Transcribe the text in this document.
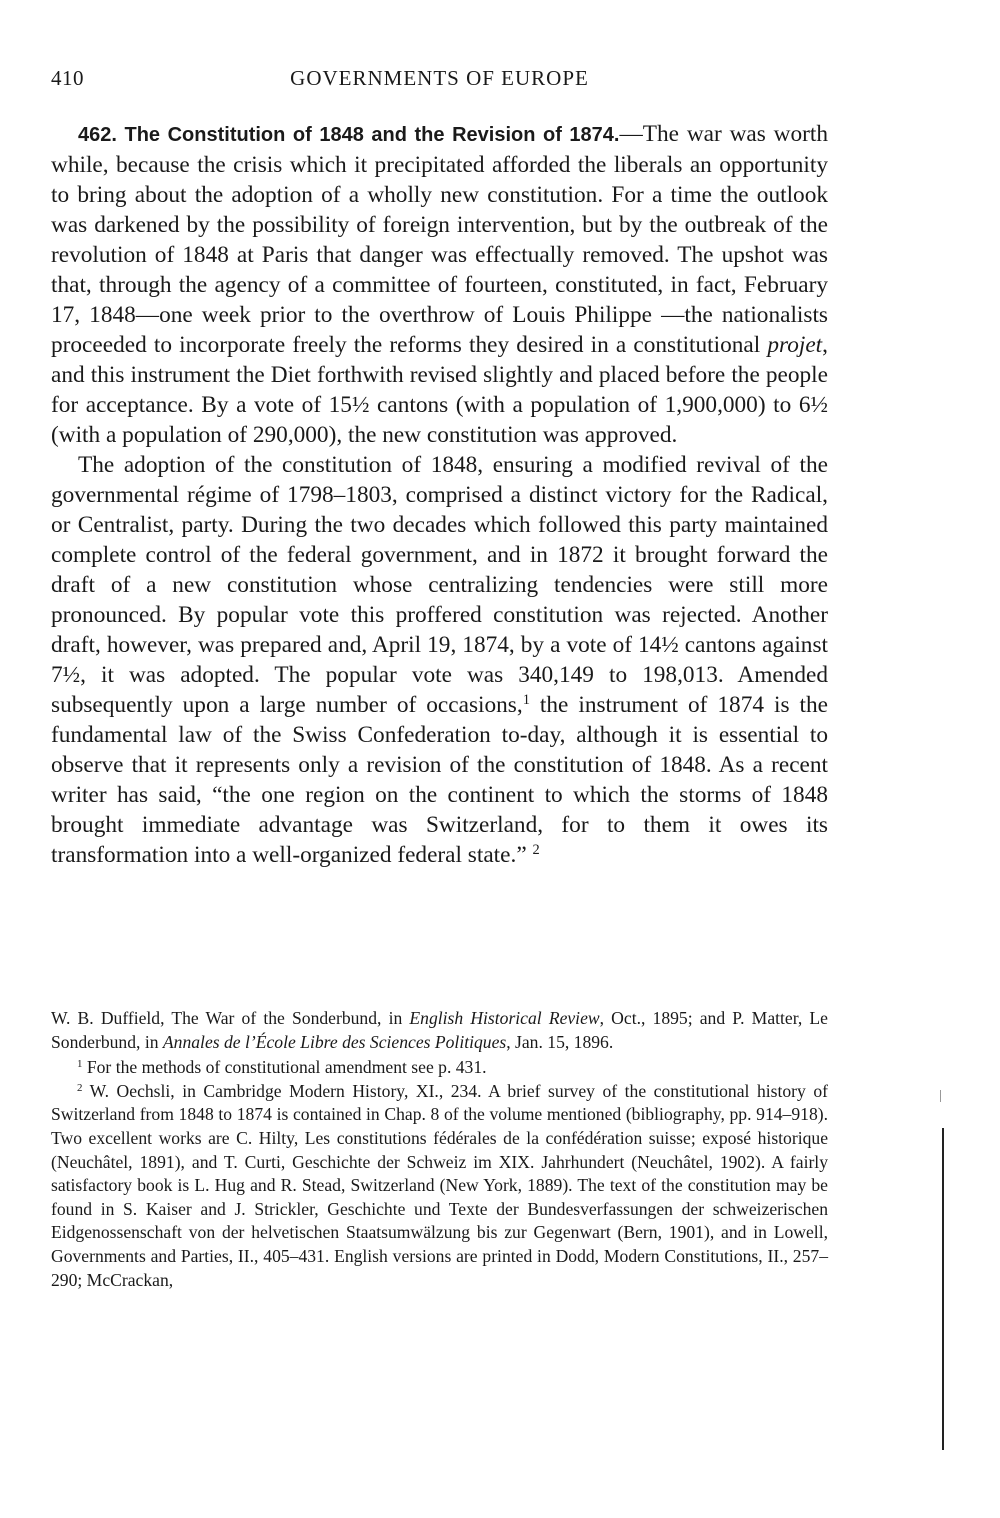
410	GOVERNMENTS OF EUROPE

462. The Constitution of 1848 and the Revision of 1874.—The war was worth while, because the crisis which it precipitated afforded the liberals an opportunity to bring about the adoption of a wholly new constitution. For a time the outlook was darkened by the possibility of foreign intervention, but by the outbreak of the revolution of 1848 at Paris that danger was effectually removed. The upshot was that, through the agency of a committee of fourteen, constituted, in fact, February 17, 1848—one week prior to the overthrow of Louis Philippe —the nationalists proceeded to incorporate freely the reforms they desired in a constitutional projet, and this instrument the Diet forthwith revised slightly and placed before the people for acceptance. By a vote of 15½ cantons (with a population of 1,900,000) to 6½ (with a population of 290,000), the new constitution was approved.

The adoption of the constitution of 1848, ensuring a modified revival of the governmental régime of 1798–1803, comprised a distinct victory for the Radical, or Centralist, party. During the two decades which followed this party maintained complete control of the federal government, and in 1872 it brought forward the draft of a new constitution whose centralizing tendencies were still more pronounced. By popular vote this proffered constitution was rejected. Another draft, however, was prepared and, April 19, 1874, by a vote of 14½ cantons against 7½, it was adopted. The popular vote was 340,149 to 198,013. Amended subsequently upon a large number of occasions,$^1$ the instrument of 1874 is the fundamental law of the Swiss Confederation to-day, although it is essential to observe that it represents only a revision of the constitution of 1848. As a recent writer has said, “the one region on the continent to which the storms of 1848 brought immediate advantage was Switzerland, for to them it owes its transformation into a well-organized federal state.” $^2$

W. B. Duffield, The War of the Sonderbund, in English Historical Review, Oct., 1895; and P. Matter, Le Sonderbund, in Annales de l’École Libre des Sciences Politiques, Jan. 15, 1896.

$^1$ For the methods of constitutional amendment see p. 431.

$^2$ W. Oechsli, in Cambridge Modern History, XI., 234. A brief survey of the constitutional history of Switzerland from 1848 to 1874 is contained in Chap. 8 of the volume mentioned (bibliography, pp. 914–918). Two excellent works are C. Hilty, Les constitutions fédérales de la confédération suisse; exposé historique (Neuchâtel, 1891), and T. Curti, Geschichte der Schweiz im XIX. Jahrhundert (Neuchâtel, 1902). A fairly satisfactory book is L. Hug and R. Stead, Switzerland (New York, 1889). The text of the constitution may be found in S. Kaiser and J. Strickler, Geschichte und Texte der Bundesverfassungen der schweizerischen Eidgenossenschaft von der helvetischen Staatsumwälzung bis zur Gegenwart (Bern, 1901), and in Lowell, Governments and Parties, II., 405–431. English versions are printed in Dodd, Modern Constitutions, II., 257–290; McCrackan,
